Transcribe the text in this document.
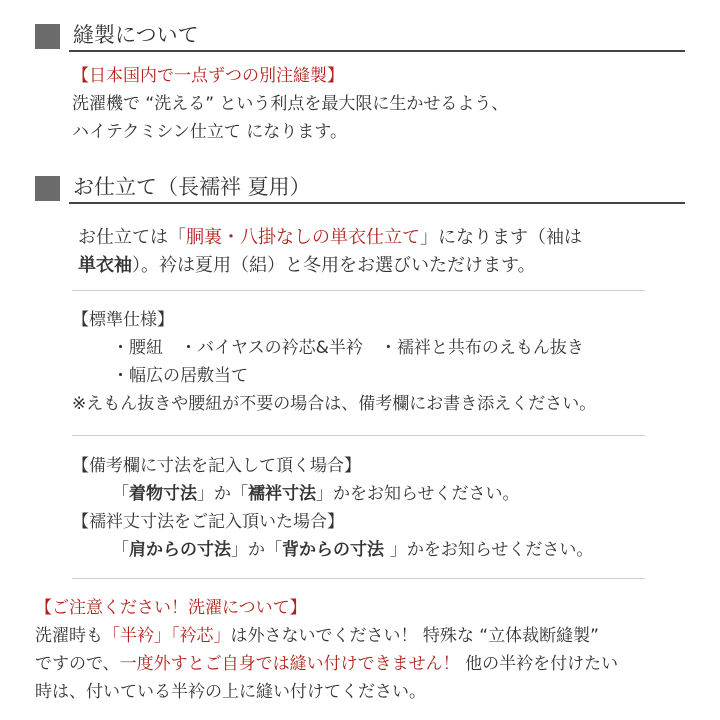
縫製について
【日本国内で一点ずつの別注縫製】
洗濯機で “洗える” という利点を最大限に生かせるよう、
ハイテクミシン仕立て になります。
お仕立て（長襦袢 夏用）
お仕立ては「胴裏・八掛なしの単衣仕立て」になります（袖は
単衣袖）。衿は夏用（絽）と冬用をお選びいただけます。
【標準仕様】
・腰紐　・バイヤスの衿芯&半衿　・襦袢と共布のえもん抜き
・幅広の居敷当て
※えもん抜きや腰紐が不要の場合は、備考欄にお書き添えください。
【備考欄に寸法を記入して頂く場合】
「着物寸法」か「襦袢寸法」かをお知らせください。
【襦袢丈寸法をご記入頂いた場合】
「肩からの寸法」か「背からの寸法 」かをお知らせください。
【ご注意ください！洗濯について】
洗濯時も「半衿」「衿芯」は外さないでください！ 特殊な “立体裁断縫製”
ですので、一度外すとご自身では縫い付けできません！ 他の半衿を付けたい
時は、付いている半衿の上に縫い付けてください。
